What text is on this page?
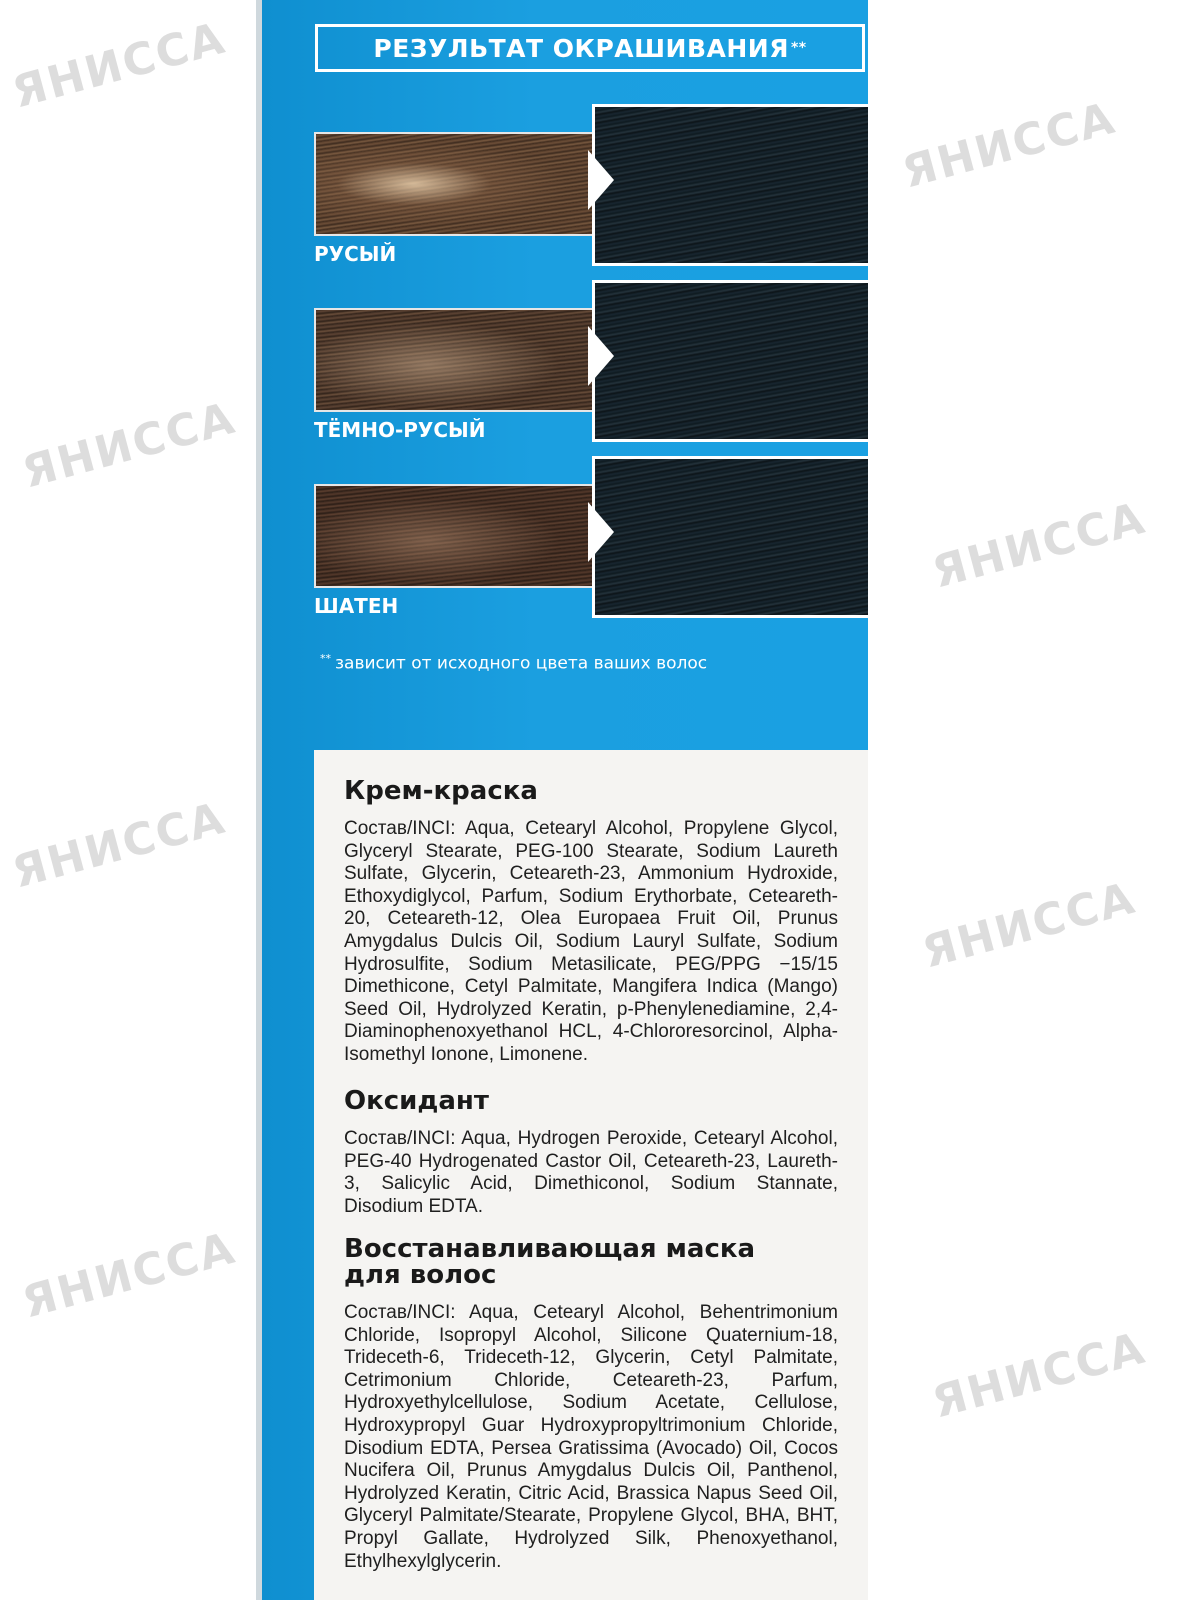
ЯНИССА
ЯНИССА
ЯНИССА
ЯНИССА
ЯНИССА
ЯНИССА
ЯНИССА
ЯНИССА
РЕЗУЛЬТАТ ОКРАШИВАНИЯ **
РУСЫЙ
ТЁМНО-РУСЫЙ
ШАТЕН
** зависит от исходного цвета ваших волос
Крем-краска
Состав/INCI: Aqua, Cetearyl Alcohol, Propylene Glycol, Glyceryl Stearate, PEG-100 Stearate, Sodium Laureth Sulfate, Glycerin, Ceteareth-23, Ammonium Hydroxide, Ethoxydiglycol, Parfum, Sodium Erythorbate, Ceteareth-20, Ceteareth-12, Olea Europaea Fruit Oil, Prunus Amygdalus Dulcis Oil, Sodium Lauryl Sulfate, Sodium Hydrosulfite, Sodium Metasilicate, PEG/PPG −15/15 Dimethicone, Cetyl Palmitate, Mangifera Indica (Mango) Seed Oil, Hydrolyzed Keratin, p-Phenylenediamine, 2,4-Diaminophenoxyethanol HCL, 4-Chlororesorcinol, Alpha-Isomethyl Ionone, Limonene.
Оксидант
Состав/INCI: Aqua, Hydrogen Peroxide, Cetearyl Alcohol, PEG-40 Hydrogenated Castor Oil, Ceteareth-23, Laureth-3, Salicylic Acid, Dimethiconol, Sodium Stannate, Disodium EDTA.
Восстанавливающая маска для волос
Состав/INCI: Aqua, Cetearyl Alcohol, Behentrimonium Chloride, Isopropyl Alcohol, Silicone Quaternium-18, Trideceth-6, Trideceth-12, Glycerin, Cetyl Palmitate, Cetrimonium Chloride, Ceteareth-23, Parfum, Hydroxyethylcellulose, Sodium Acetate, Cellulose, Hydroxypropyl Guar Hydroxypropyltrimonium Chloride, Disodium EDTA, Persea Gratissima (Avocado) Oil, Cocos Nucifera Oil, Prunus Amygdalus Dulcis Oil, Panthenol, Hydrolyzed Keratin, Citric Acid, Brassica Napus Seed Oil, Glyceryl Palmitate/Stearate, Propylene Glycol, BHA, BHT, Propyl Gallate, Hydrolyzed Silk, Phenoxyethanol, Ethylhexylglycerin.
